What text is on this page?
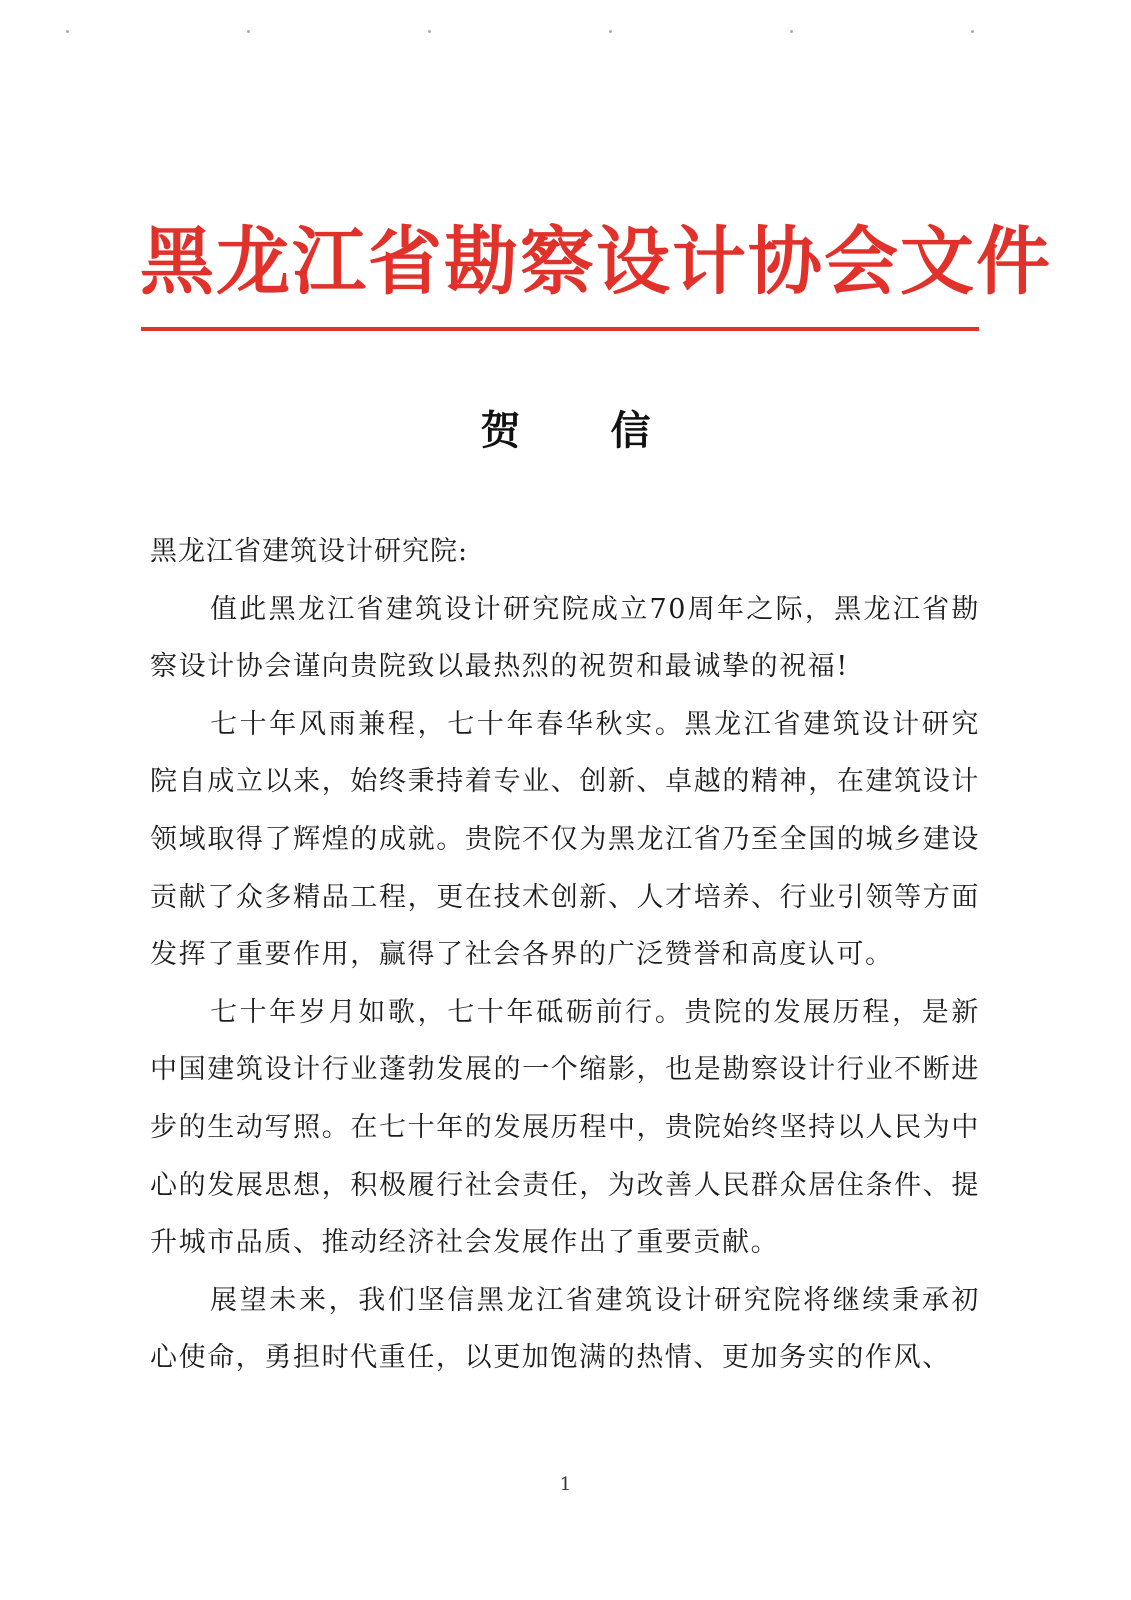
黑龙江省勘察设计协会文件
贺 信

黑龙江省建筑设计研究院:

值此黑龙江省建筑设计研究院成立70周年之际，黑龙江省勘察设计协会谨向贵院致以最热烈的祝贺和最诚挚的祝福!

七十年风雨兼程，七十年春华秋实。黑龙江省建筑设计研究院自成立以来，始终秉持着专业、创新、卓越的精神，在建筑设计领域取得了辉煌的成就。贵院不仅为黑龙江省乃至全国的城乡建设贡献了众多精品工程，更在技术创新、人才培养、行业引领等方面发挥了重要作用，赢得了社会各界的广泛赞誉和高度认可。

七十年岁月如歌，七十年砥砺前行。贵院的发展历程，是新中国建筑设计行业蓬勃发展的一个缩影，也是勘察设计行业不断进步的生动写照。在七十年的发展历程中，贵院始终坚持以人民为中心的发展思想，积极履行社会责任，为改善人民群众居住条件、提升城市品质、推动经济社会发展作出了重要贡献。

展望未来，我们坚信黑龙江省建筑设计研究院将继续秉承初心使命，勇担时代重任，以更加饱满的热情、更加务实的作风、

1
